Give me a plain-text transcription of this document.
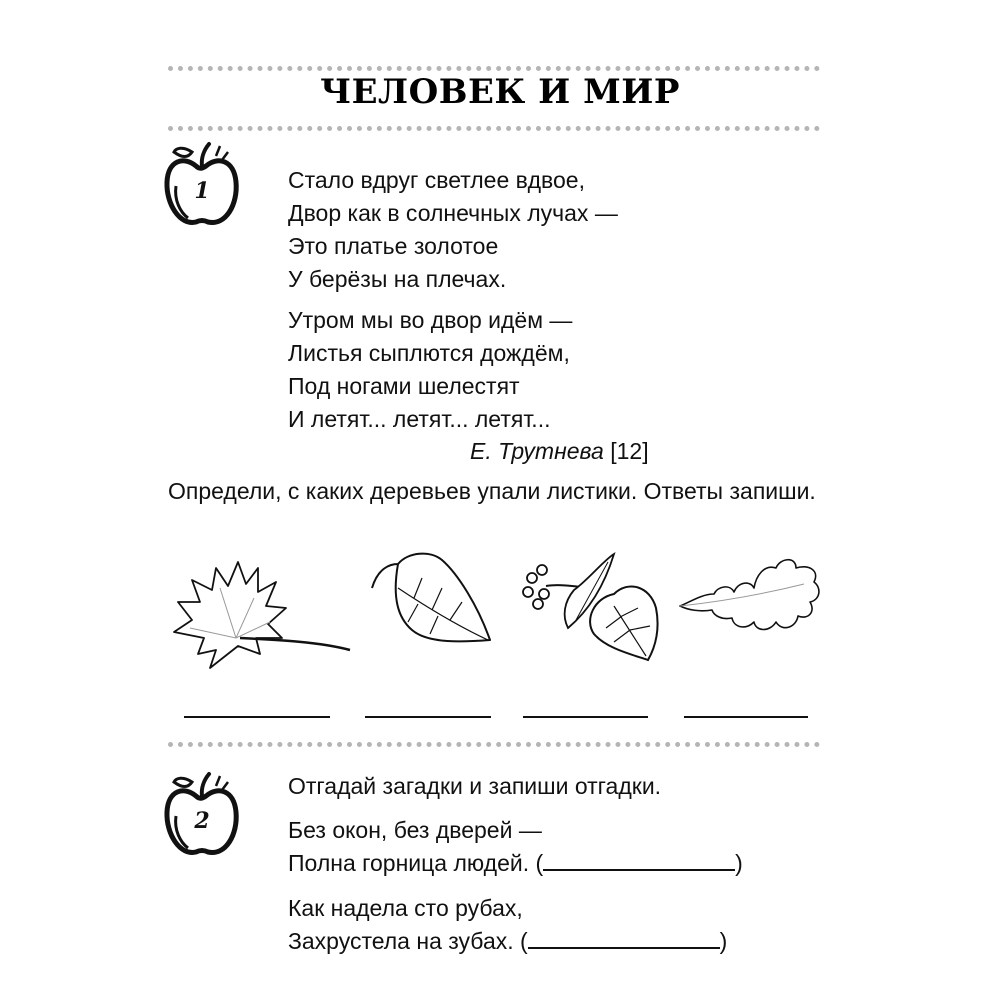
ЧЕЛОВЕК И МИР
1	Стало вдруг светлее вдвое,
Двор как в солнечных лучах —
Это платье золотое
У берёзы на плечах.
Утром мы во двор идём —
Листья сыплются дождём,
Под ногами шелестят
И летят... летят... летят...
Е. Трутнева [12]
Определи, с каких деревьев упали листики. Ответы запиши.
2
Отгадай загадки и запиши отгадки.
Без окон, без дверей —
Полна горница людей. (	)
Как надела сто рубах,
Захрустела на зубах. (	)
